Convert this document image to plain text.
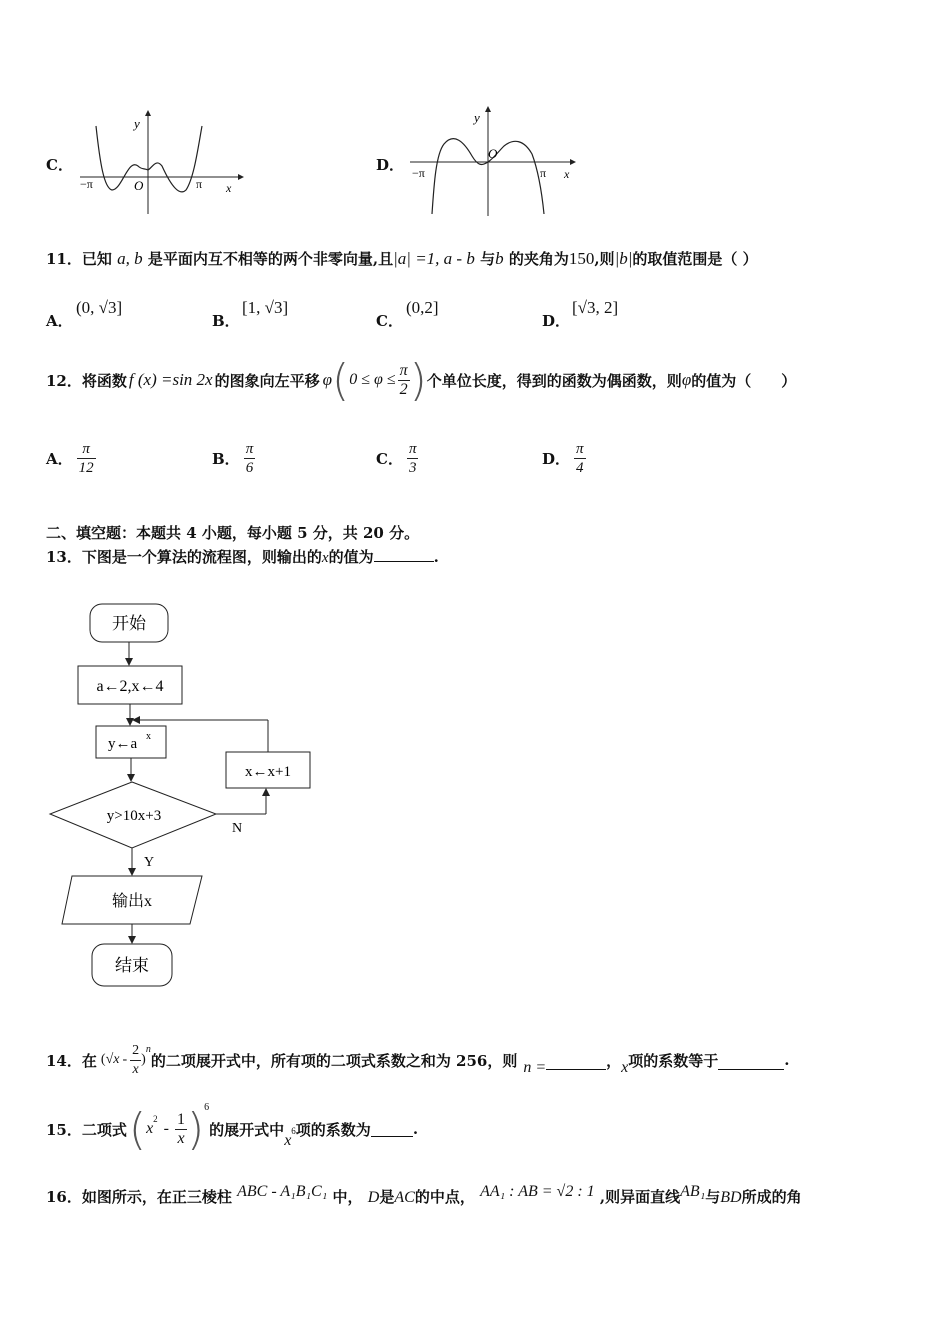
C．
y
x
O
−π	π
D．
y
x
O
−π	π
11．已知 a, b 是平面内互不相等的两个非零向量,且|a| =1, a - b 与b 的夹角为150,则|b|的取值范围是（ ）
A．
(0, √3]
B．
[1, √3]
C．
(0,2]
D．
[√3, 2]
12． 将函数 f (x) =sin 2x 的图象向左平移 φ ( $0 \le \varphi \le \frac{\pi}{2}$ ) 个单位长度，得到的函数为偶函数，则 φ 的值为（　　）
A． $\frac{\pi}{12}$	B． $\frac{\pi}{6}$	C． $\frac{\pi}{3}$	D． $\frac{\pi}{4}$
二、填空题：本题共 4 小题，每小题 5 分，共 20 分。
13．下图是一个算法的流程图，则输出的x的值为	.
开始
a←2,x←4
y←a x
y>10x+3
N
x←x+1
Y
输出x
结束
14． 在 ( $√x - \frac{2}{x}$ )
$^n$
的二项展开式中，所有项的二项式系数之和为 256，则 n =	， x 项的系数等于	.
15． 二项式 ( x
$^2$
- $\frac{1}{x} )^6$
的展开式中
x
$^6$ 项的系数为	.
16．如图所示，在正三棱柱 ABC - A₁B₁C₁ 中， D是AC的中点， AA₁ : AB = √2 : 1 ,则异面直线AB₁与BD所成的角
